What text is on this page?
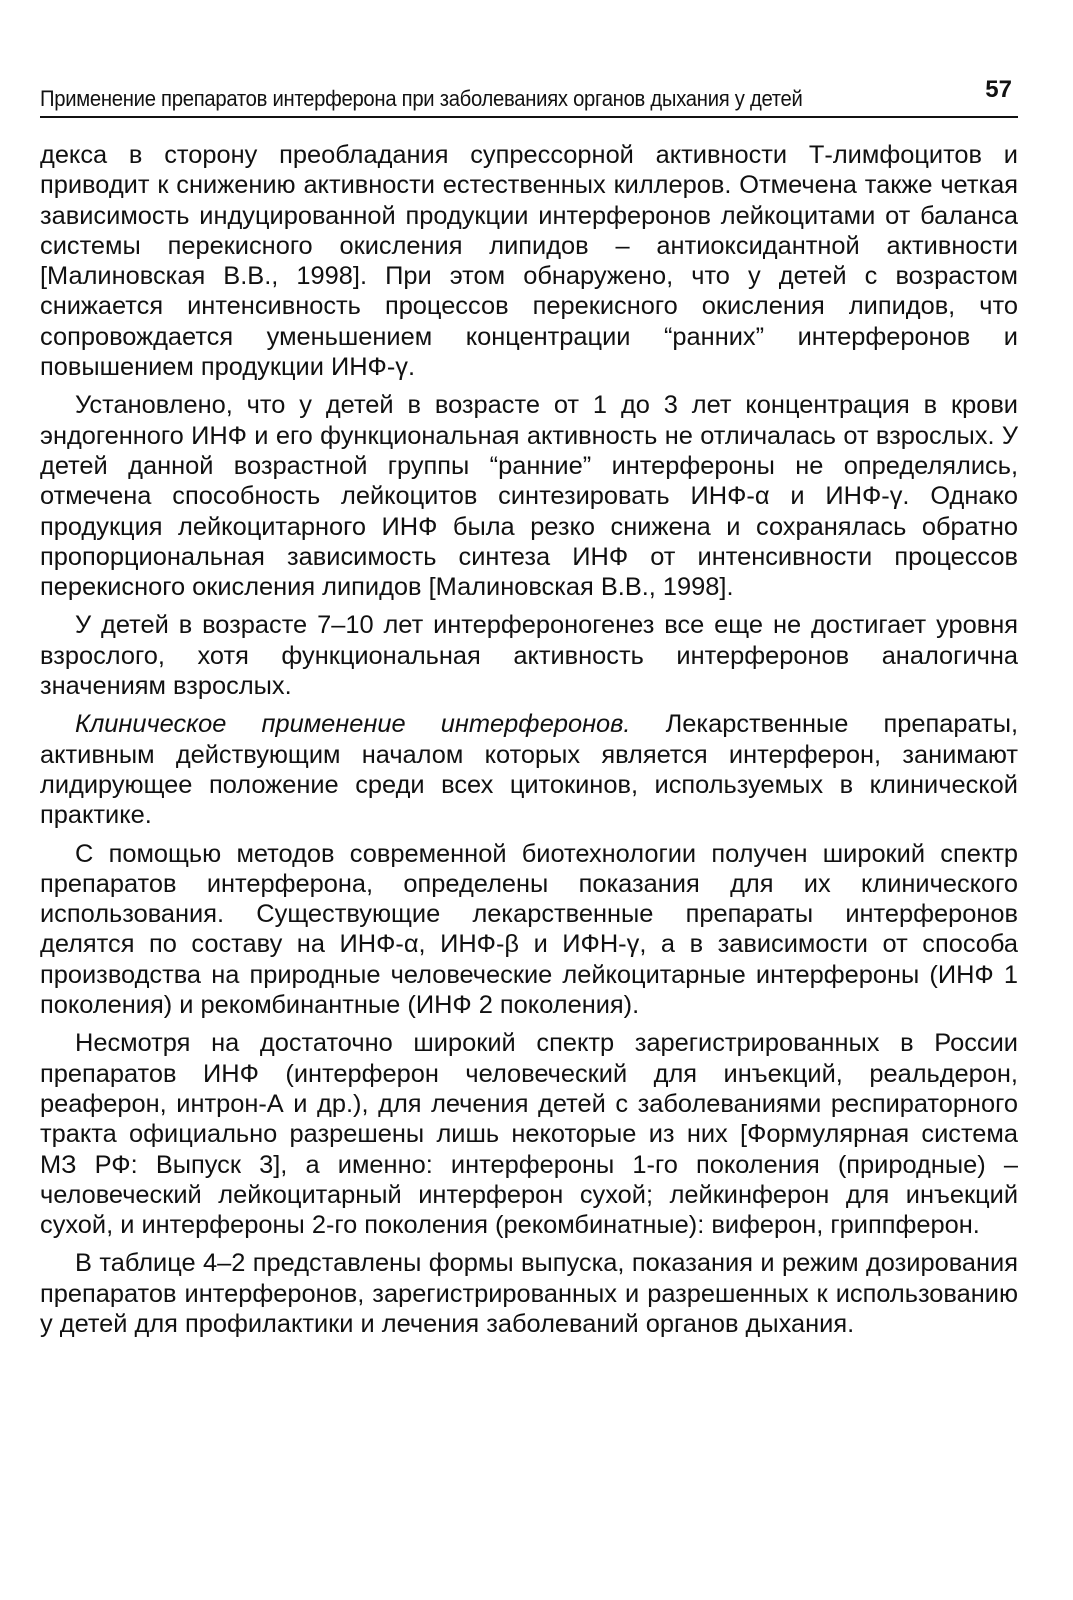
Применение препаратов интерферона при заболеваниях органов дыхания у детей	57

декса в сторону преобладания супрессорной активности Т-лимфоцитов и приводит к снижению активности естественных киллеров. Отмечена также четкая зависимость индуцированной продукции интерферонов лейкоцитами от баланса системы перекисного окисления липидов – антиоксидантной активности [Малиновская В.В., 1998]. При этом обнаружено, что у детей с возрастом снижается интенсивность процессов перекисного окисления липидов, что сопровождается уменьшением концентрации “ранних” интерферонов и повышением продукции ИНФ-γ.

Установлено, что у детей в возрасте от 1 до 3 лет концентрация в крови эндогенного ИНФ и его функциональная активность не отличалась от взрослых. У детей данной возрастной группы “ранние” интерфероны не определялись, отмечена способность лейкоцитов синтезировать ИНФ-α и ИНФ-γ. Однако продукция лейкоцитарного ИНФ была резко снижена и сохранялась обратно пропорциональная зависимость синтеза ИНФ от интенсивности процессов перекисного окисления липидов [Малиновская В.В., 1998].

У детей в возрасте 7–10 лет интерфероногенез все еще не достигает уровня взрослого, хотя функциональная активность интерферонов аналогична значениям взрослых.

Клиническое применение интерферонов. Лекарственные препараты, активным действующим началом которых является интерферон, занимают лидирующее положение среди всех цитокинов, используемых в клинической практике.

С помощью методов современной биотехнологии получен широкий спектр препаратов интерферона, определены показания для их клинического использования. Существующие лекарственные препараты интерферонов делятся по составу на ИНФ-α, ИНФ-β и ИФН-γ, а в зависимости от способа производства на природные человеческие лейкоцитарные интерфероны (ИНФ 1 поколения) и рекомбинантные (ИНФ 2 поколения).

Несмотря на достаточно широкий спектр зарегистрированных в России препаратов ИНФ (интерферон человеческий для инъекций, реальдерон, реаферон, интрон-А и др.), для лечения детей с заболеваниями респираторного тракта официально разрешены лишь некоторые из них [Формулярная система МЗ РФ: Выпуск 3], а именно: интерфероны 1-го поколения (природные) – человеческий лейкоцитарный интерферон сухой; лейкинферон для инъекций сухой, и интерфероны 2-го поколения (рекомбинатные): виферон, гриппферон.

В таблице 4–2 представлены формы выпуска, показания и режим дозирования препаратов интерферонов, зарегистрированных и разрешенных к использованию у детей для профилактики и лечения заболеваний органов дыхания.
